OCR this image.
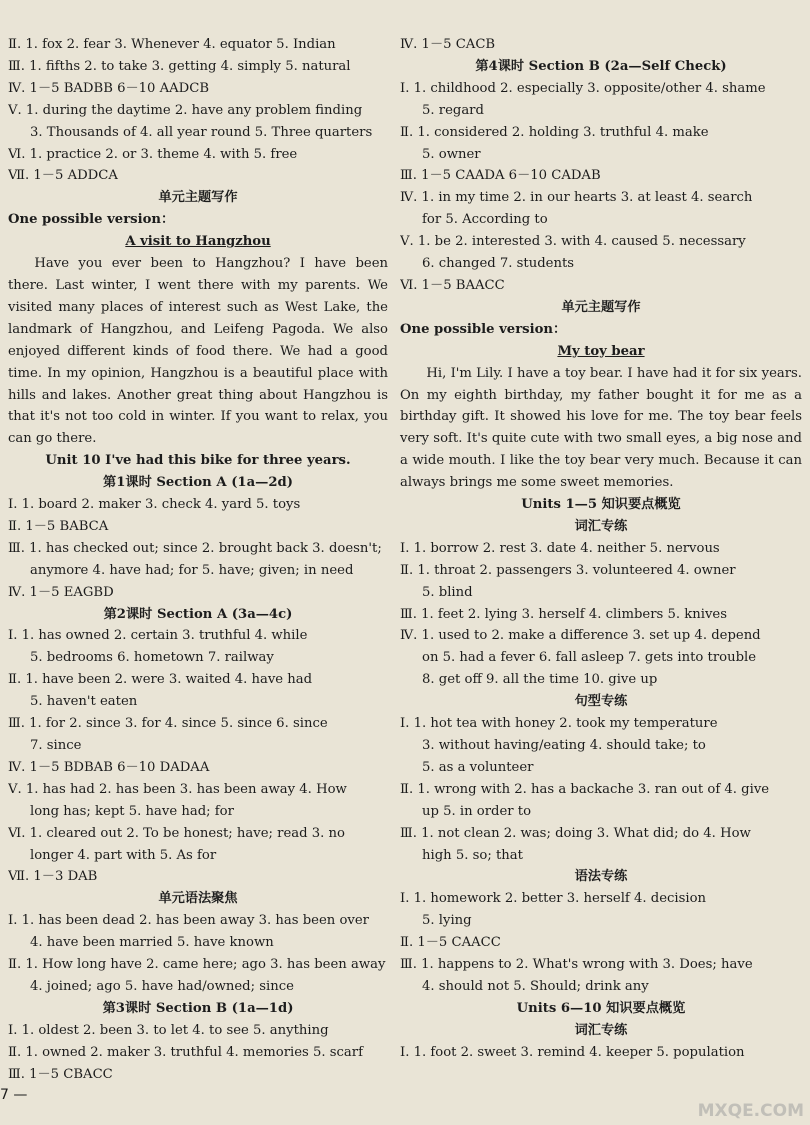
Ⅱ. 1. fox 2. fear 3. Whenever 4. equator 5. Indian
Ⅲ. 1. fifths 2. to take 3. getting 4. simply 5. natural
Ⅳ. 1－5 BADBB 6－10 AADCB
Ⅴ. 1. during the daytime 2. have any problem finding
3. Thousands of 4. all year round 5. Three quarters
Ⅵ. 1. practice 2. or 3. theme 4. with 5. free
Ⅶ. 1－5 ADDCA
单元主题写作
One possible version：
A visit to Hangzhou
Have you ever been to Hangzhou? I have been there. Last winter, I went there with my parents. We visited many places of interest such as West Lake, the landmark of Hangzhou, and Leifeng Pagoda. We also enjoyed different kinds of food there. We had a good time. In my opinion, Hangzhou is a beautiful place with hills and lakes. Another great thing about Hangzhou is that it's not too cold in winter. If you want to relax, you can go there.
Unit 10 I've had this bike for three years.
第1课时 Section A (1a—2d)
Ⅰ. 1. board 2. maker 3. check 4. yard 5. toys
Ⅱ. 1－5 BABCA
Ⅲ. 1. has checked out; since 2. brought back 3. doesn't;
anymore 4. have had; for 5. have; given; in need
Ⅳ. 1－5 EAGBD
第2课时 Section A (3a—4c)
Ⅰ. 1. has owned 2. certain 3. truthful 4. while
5. bedrooms 6. hometown 7. railway
Ⅱ. 1. have been 2. were 3. waited 4. have had
5. haven't eaten
Ⅲ. 1. for 2. since 3. for 4. since 5. since 6. since
7. since
Ⅳ. 1－5 BDBAB 6－10 DADAA
Ⅴ. 1. has had 2. has been 3. has been away 4. How
long has; kept 5. have had; for
Ⅵ. 1. cleared out 2. To be honest; have; read 3. no
longer 4. part with 5. As for
Ⅶ. 1－3 DAB
单元语法聚焦
Ⅰ. 1. has been dead 2. has been away 3. has been over
4. have been married 5. have known
Ⅱ. 1. How long have 2. came here; ago 3. has been away
4. joined; ago 5. have had/owned; since
第3课时 Section B (1a—1d)
Ⅰ. 1. oldest 2. been 3. to let 4. to see 5. anything
Ⅱ. 1. owned 2. maker 3. truthful 4. memories 5. scarf
Ⅲ. 1－5 CBACC
Ⅳ. 1－5 CACB
第4课时 Section B (2a—Self Check)
Ⅰ. 1. childhood 2. especially 3. opposite/other 4. shame
5. regard
Ⅱ. 1. considered 2. holding 3. truthful 4. make
5. owner
Ⅲ. 1－5 CAADA 6－10 CADAB
Ⅳ. 1. in my time 2. in our hearts 3. at least 4. search
for 5. According to
Ⅴ. 1. be 2. interested 3. with 4. caused 5. necessary
6. changed 7. students
Ⅵ. 1－5 BAACC
单元主题写作
One possible version：
My toy bear
Hi, I'm Lily. I have a toy bear. I have had it for six years. On my eighth birthday, my father bought it for me as a birthday gift. It showed his love for me. The toy bear feels very soft. It's quite cute with two small eyes, a big nose and a wide mouth. I like the toy bear very much. Because it can always brings me some sweet memories.
Units 1—5 知识要点概览
词汇专练
Ⅰ. 1. borrow 2. rest 3. date 4. neither 5. nervous
Ⅱ. 1. throat 2. passengers 3. volunteered 4. owner
5. blind
Ⅲ. 1. feet 2. lying 3. herself 4. climbers 5. knives
Ⅳ. 1. used to 2. make a difference 3. set up 4. depend
on 5. had a fever 6. fall asleep 7. gets into trouble
8. get off 9. all the time 10. give up
句型专练
Ⅰ. 1. hot tea with honey 2. took my temperature
3. without having/eating 4. should take; to
5. as a volunteer
Ⅱ. 1. wrong with 2. has a backache 3. ran out of 4. give
up 5. in order to
Ⅲ. 1. not clean 2. was; doing 3. What did; do 4. How
high 5. so; that
语法专练
Ⅰ. 1. homework 2. better 3. herself 4. decision
5. lying
Ⅱ. 1－5 CAACC
Ⅲ. 1. happens to 2. What's wrong with 3. Does; have
4. should not 5. Should; drink any
Units 6—10 知识要点概览
词汇专练
Ⅰ. 1. foot 2. sweet 3. remind 4. keeper 5. population
7 —
MXQE.COM
